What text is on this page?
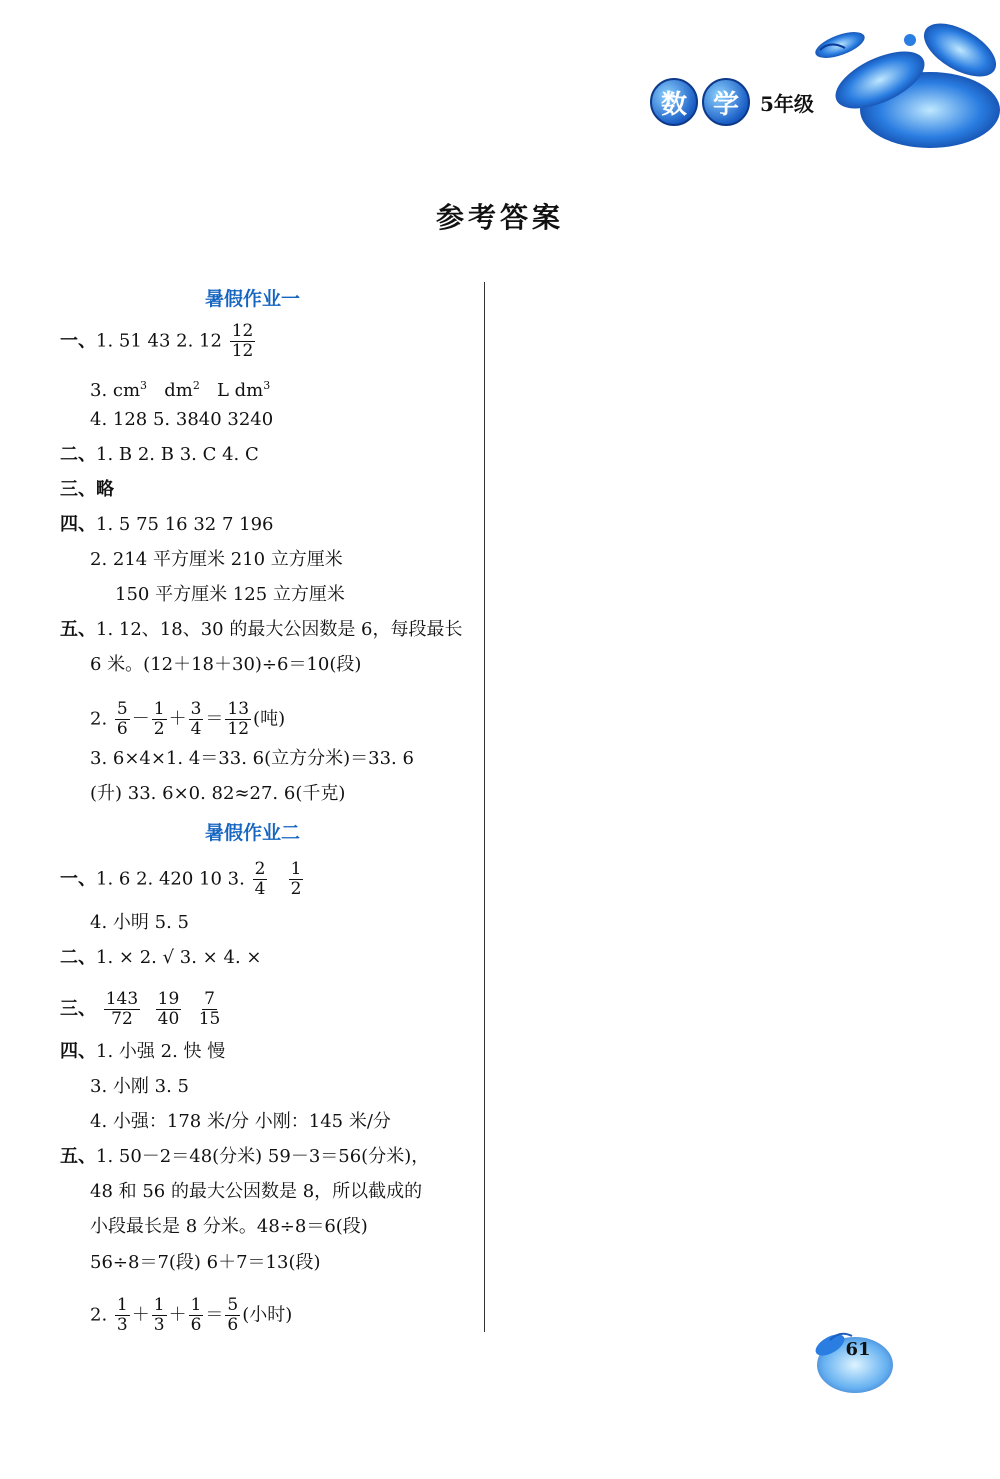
数 学	5年级
参考答案
暑假作业一
一、1. 51 43 2. $12 \frac{12}{12}$
3. $cm^3$ $dm^2$ L $dm^3$
4. 128 5. 3840 3240
二、1. B 2. B 3. C 4. C
三、略
四、1. 5 75 16 32 7 196
2. 214 平方厘米 210 立方厘米
150 平方厘米 125 立方厘米
五、1. 12、18、30 的最大公因数是 6，每段最长
6 米。(12＋18＋30)÷6＝10(段)
2. $\frac{5}{6} - \frac{1}{2} + \frac{3}{4} = \frac{13}{12}$ (吨)
3. 6×4×1. 4＝33. 6(立方分米)＝33. 6
(升) 33. 6×0. 82≈27. 6(千克)
暑假作业二
一、1. 6 2. 420 10 3. $\frac{2}{4}$
$\frac{1}{2}$
4. 小明 5. 5
二、1. × 2. √ 3. × 4. ×
三、 $\frac{143}{72}$
$\frac{19}{40}$
$\frac{7}{15}$
四、1. 小强 2. 快 慢
3. 小刚 3. 5
4. 小强：178 米/分 小刚：145 米/分
五、1. 50－2＝48(分米) 59－3＝56(分米)，
48 和 56 的最大公因数是 8，所以截成的
小段最长是 8 分米。48÷8＝6(段)
56÷8＝7(段) 6＋7＝13(段)
2. $\frac{1}{3} + \frac{1}{3} + \frac{1}{6} = \frac{5}{6}$ (小时)

61
